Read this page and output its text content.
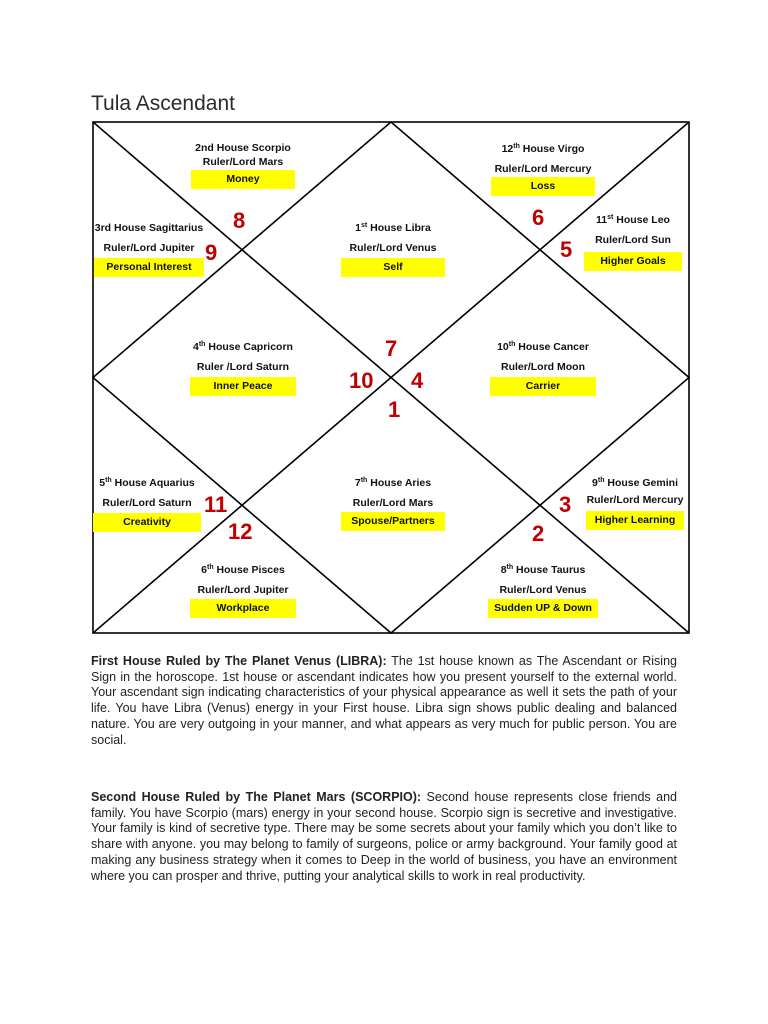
Tula Ascendant
2nd House Scorpio
Ruler/Lord Mars
Money
12th House Virgo
Ruler/Lord Mercury
Loss
3rd House Sagittarius
Ruler/Lord Jupiter
Personal Interest
1st House Libra
Ruler/Lord Venus
Self
11st House Leo
Ruler/Lord Sun
Higher Goals
4th House Capricorn
Ruler /Lord Saturn
Inner Peace
10th House Cancer
Ruler/Lord Moon
Carrier
5th House Aquarius
Ruler/Lord Saturn
Creativity
7th House Aries
Ruler/Lord Mars
Spouse/Partners
9th House Gemini
Ruler/Lord Mercury
Higher Learning
6th House Pisces
Ruler/Lord Jupiter
Workplace
8th House Taurus
Ruler/Lord Venus
Sudden UP & Down
8	6
9	5
7
10 4
1
11	3
12	2

First House Ruled by The Planet Venus (LIBRA): The 1st house known as The Ascendant or Rising Sign in the horoscope. 1st house or ascendant indicates how you present yourself to the external world. Your ascendant sign indicating characteristics of your physical appearance as well it sets the path of your life. You have Libra (Venus) energy in your First house. Libra sign shows public dealing and balanced nature. You are very outgoing in your manner, and what appears as very much for public person. You are social.

Second House Ruled by The Planet Mars (SCORPIO): Second house represents close friends and family. You have Scorpio (mars) energy in your second house. Scorpio sign is secretive and investigative. Your family is kind of secretive type. There may be some secrets about your family which you don’t like to share with anyone. you may belong to family of surgeons, police or army background. Your family good at making any business strategy when it comes to Deep in the world of business, you have an environment where you can prosper and thrive, putting your analytical skills to work in real productivity.
